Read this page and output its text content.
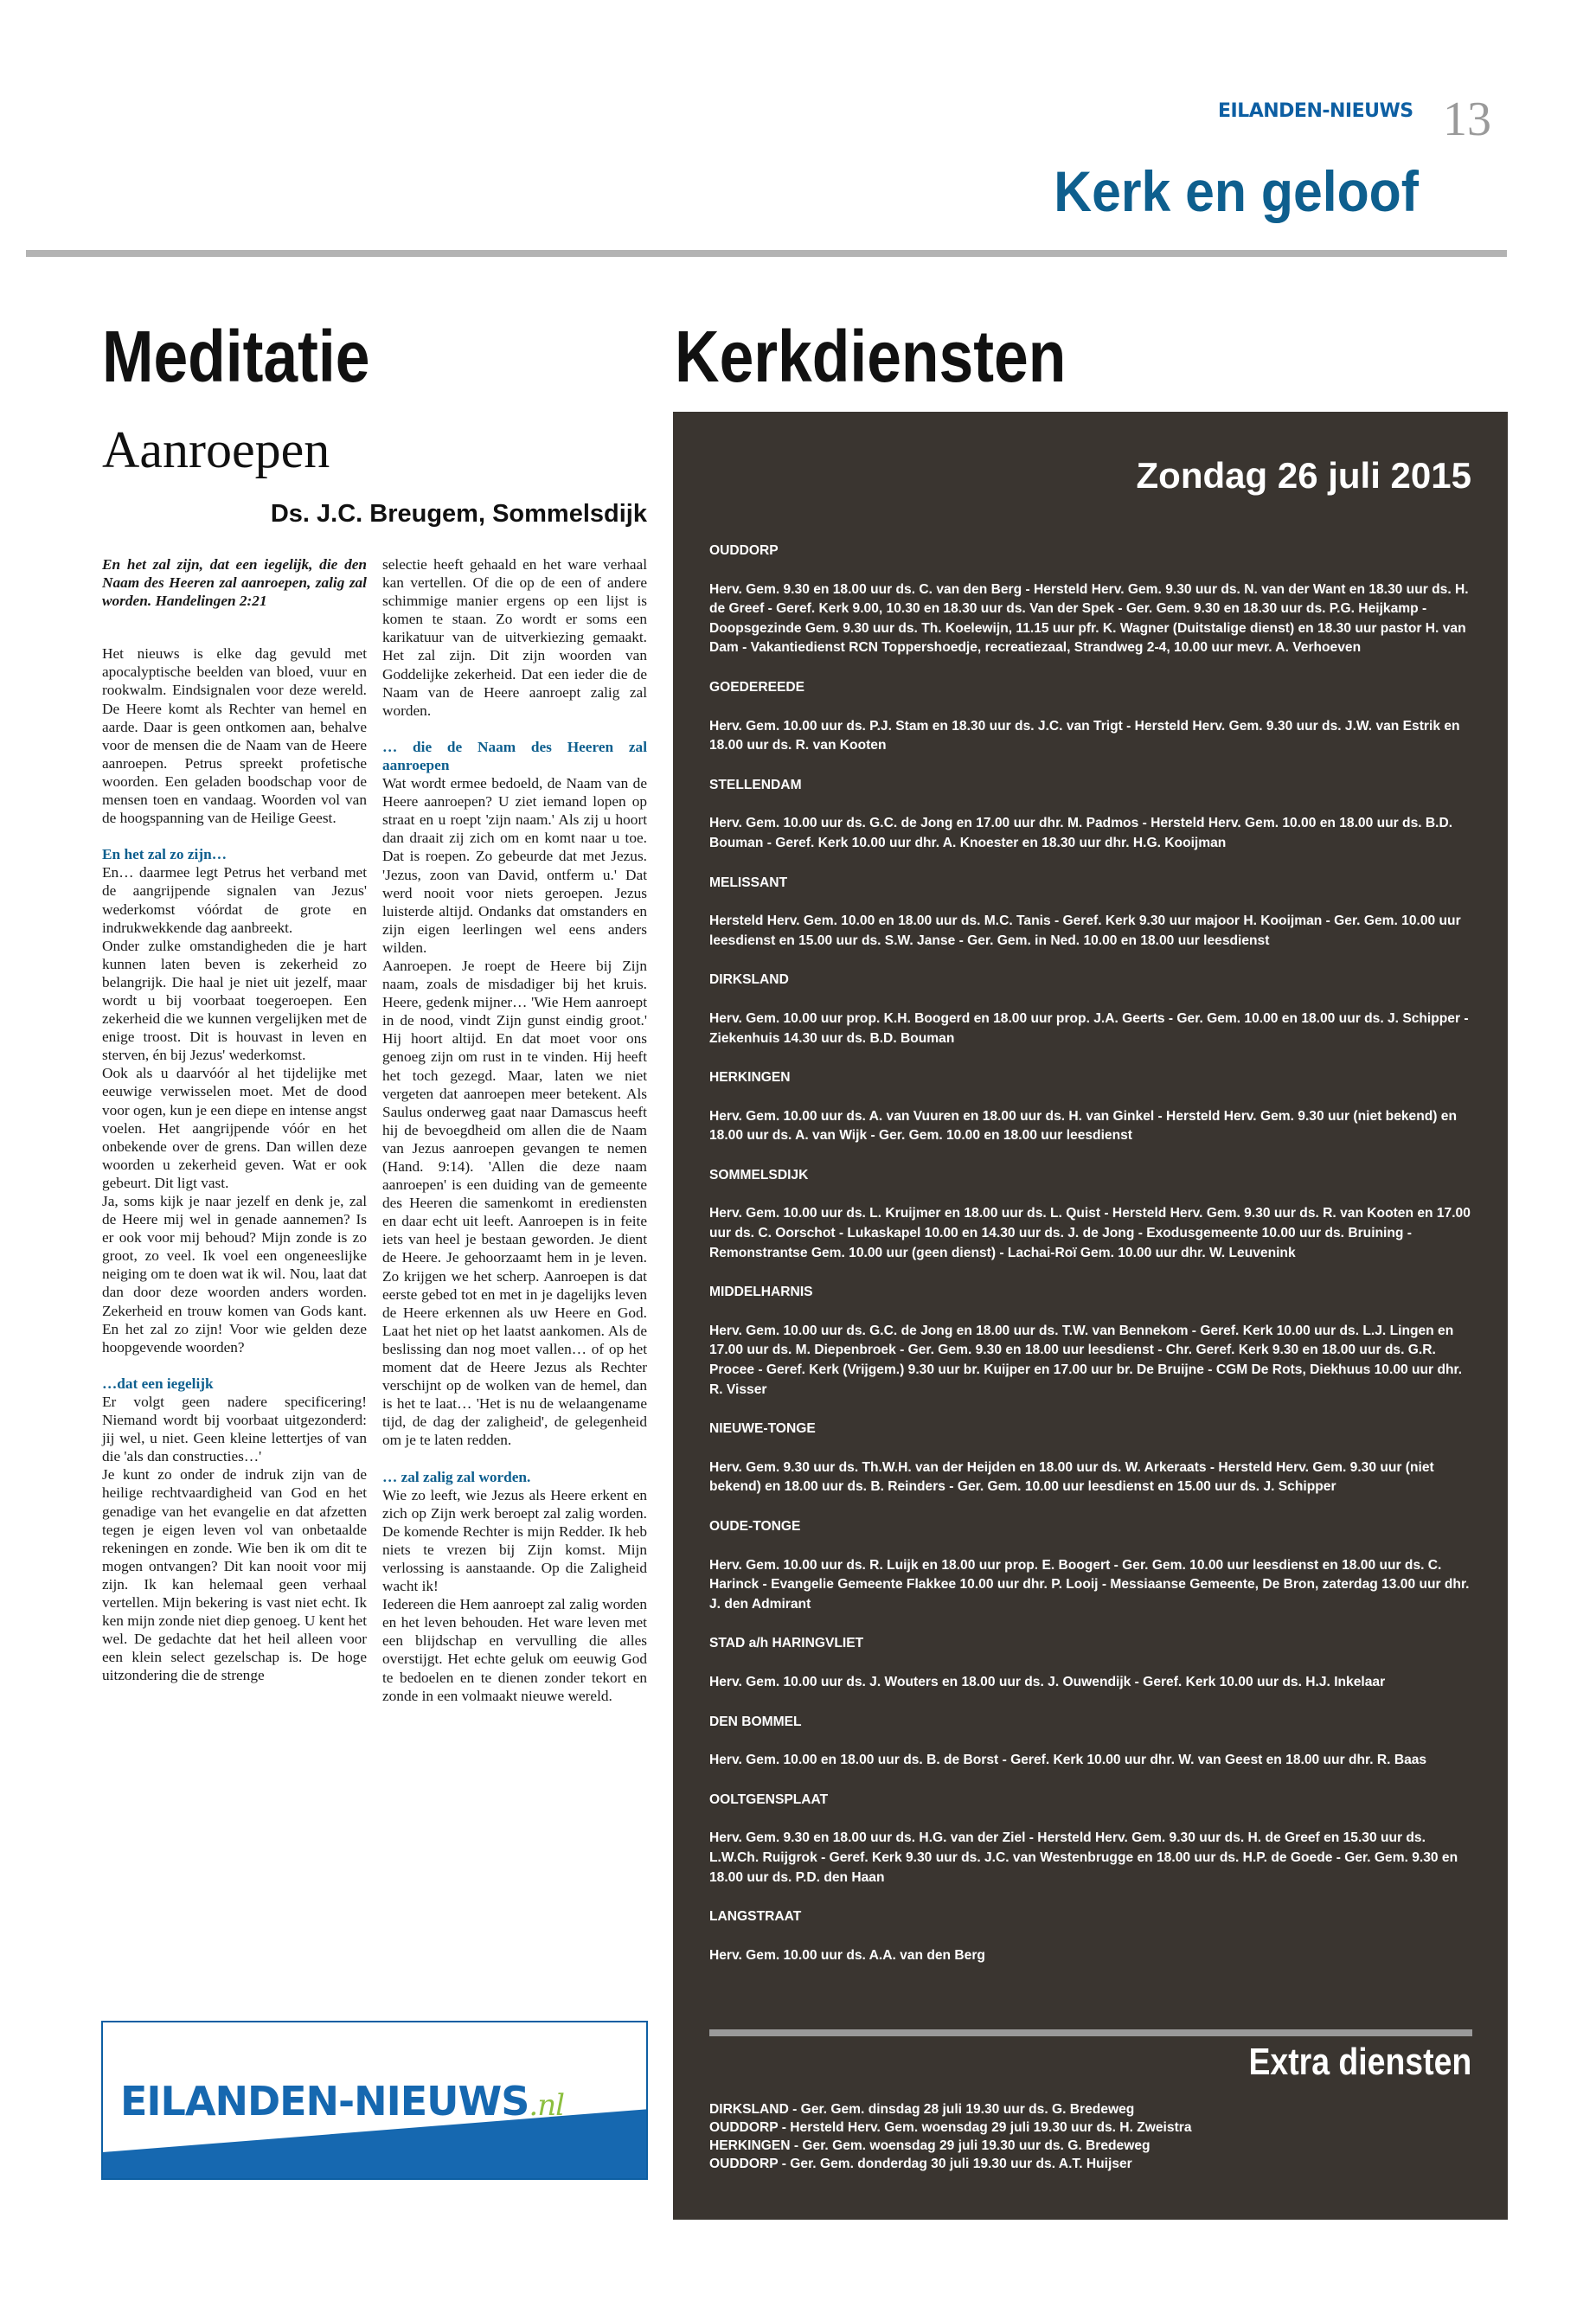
EILANDEN-NIEUWS 13
Kerk en geloof
Meditatie
Aanroepen
Ds. J.C. Breugem, Sommelsdijk

En het zal zijn, dat een iegelijk, die den Naam des Heeren zal aanroepen, zalig zal worden. Handelingen 2:21

Het nieuws is elke dag gevuld met apocalyptische beelden van bloed, vuur en rookwalm. Eindsignalen voor deze wereld. De Heere komt als Rechter van hemel en aarde. Daar is geen ontkomen aan, behalve voor de mensen die de Naam van de Heere aanroepen. Petrus spreekt profetische woorden. Een geladen boodschap voor de mensen toen en vandaag. Woorden vol van de hoogspanning van de Heilige Geest.

En het zal zo zijn…

En… daarmee legt Petrus het verband met de aangrijpende signalen van Jezus' wederkomst vóórdat de grote en indrukwekkende dag aanbreekt.

Onder zulke omstandigheden die je hart kunnen laten beven is zekerheid zo belangrijk. Die haal je niet uit jezelf, maar wordt u bij voorbaat toegeroepen. Een zekerheid die we kunnen vergelijken met de enige troost. Dit is houvast in leven en sterven, én bij Jezus' wederkomst.

Ook als u daarvóór al het tijdelijke met eeuwige verwisselen moet. Met de dood voor ogen, kun je een diepe en intense angst voelen. Het aangrijpende vóór en het onbekende over de grens. Dan willen deze woorden u zekerheid geven. Wat er ook gebeurt. Dit ligt vast.

Ja, soms kijk je naar jezelf en denk je, zal de Heere mij wel in genade aannemen? Is er ook voor mij behoud? Mijn zonde is zo groot, zo veel. Ik voel een ongeneeslijke neiging om te doen wat ik wil. Nou, laat dat dan door deze woorden anders worden. Zekerheid en trouw komen van Gods kant. En het zal zo zijn! Voor wie gelden deze hoopgevende woorden?

…dat een iegelijk

Er volgt geen nadere specificering! Niemand wordt bij voorbaat uitgezonderd: jij wel, u niet. Geen kleine lettertjes of van die 'als dan constructies…'

Je kunt zo onder de indruk zijn van de heilige rechtvaardigheid van God en het genadige van het evangelie en dat afzetten tegen je eigen leven vol van onbetaalde rekeningen en zonde. Wie ben ik om dit te mogen ontvangen? Dit kan nooit voor mij zijn. Ik kan helemaal geen verhaal vertellen. Mijn bekering is vast niet echt. Ik ken mijn zonde niet diep genoeg. U kent het wel. De gedachte dat het heil alleen voor een klein select gezelschap is. De hoge uitzondering die de strenge

selectie heeft gehaald en het ware verhaal kan vertellen. Of die op de een of andere schimmige manier ergens op een lijst is komen te staan. Zo wordt er soms een karikatuur van de uitverkiezing gemaakt. Het zal zijn. Dit zijn woorden van Goddelijke zekerheid. Dat een ieder die de Naam van de Heere aanroept zalig zal worden.

… die de Naam des Heeren zal aanroepen

Wat wordt ermee bedoeld, de Naam van de Heere aanroepen? U ziet iemand lopen op straat en u roept 'zijn naam.' Als zij u hoort dan draait zij zich om en komt naar u toe. Dat is roepen. Zo gebeurde dat met Jezus. 'Jezus, zoon van David, ontferm u.' Dat werd nooit voor niets geroepen. Jezus luisterde altijd. Ondanks dat omstanders en zijn eigen leerlingen wel eens anders wilden.

Aanroepen. Je roept de Heere bij Zijn naam, zoals de misdadiger bij het kruis. Heere, gedenk mijner… 'Wie Hem aanroept in de nood, vindt Zijn gunst eindig groot.' Hij hoort altijd. En dat moet voor ons genoeg zijn om rust in te vinden. Hij heeft het toch gezegd. Maar, laten we niet vergeten dat aanroepen meer betekent. Als Saulus onderweg gaat naar Damascus heeft hij de bevoegdheid om allen die de Naam van Jezus aanroepen gevangen te nemen (Hand. 9:14). 'Allen die deze naam aanroepen' is een duiding van de gemeente des Heeren die samenkomt in erediensten en daar echt uit leeft. Aanroepen is in feite iets van heel je bestaan geworden. Je dient de Heere. Je gehoorzaamt hem in je leven. Zo krijgen we het scherp. Aanroepen is dat eerste gebed tot en met in je dagelijks leven de Heere erkennen als uw Heere en God. Laat het niet op het laatst aankomen. Als de beslissing dan nog moet vallen… of op het moment dat de Heere Jezus als Rechter verschijnt op de wolken van de hemel, dan is het te laat… 'Het is nu de welaangename tijd, de dag der zaligheid', de gelegenheid om je te laten redden.

… zal zalig zal worden.

Wie zo leeft, wie Jezus als Heere erkent en zich op Zijn werk beroept zal zalig worden. De komende Rechter is mijn Redder. Ik heb niets te vrezen bij Zijn komst. Mijn verlossing is aanstaande. Op die Zaligheid wacht ik!

Iedereen die Hem aanroept zal zalig worden en het leven behouden. Het ware leven met een blijdschap en vervulling die alles overstijgt. Het echte geluk om eeuwig God te bedoelen en te dienen zonder tekort en zonde in een volmaakt nieuwe wereld.

EILANDEN-NIEUWS.nl
Kerkdiensten
Zondag 26 juli 2015
OUDDORP
Herv. Gem. 9.30 en 18.00 uur ds. C. van den Berg - Hersteld Herv. Gem. 9.30 uur ds. N. van der Want en 18.30 uur ds. H. de Greef - Geref. Kerk 9.00, 10.30 en 18.30 uur ds. Van der Spek - Ger. Gem. 9.30 en 18.30 uur ds. P.G. Heijkamp - Doopsgezinde Gem. 9.30 uur ds. Th. Koelewijn, 11.15 uur pfr. K. Wagner (Duitstalige dienst) en 18.30 uur pastor H. van Dam - Vakantiedienst RCN Toppershoedje, recreatiezaal, Strandweg 2-4, 10.00 uur mevr. A. Verhoeven
GOEDEREEDE
Herv. Gem. 10.00 uur ds. P.J. Stam en 18.30 uur ds. J.C. van Trigt - Hersteld Herv. Gem. 9.30 uur ds. J.W. van Estrik en 18.00 uur ds. R. van Kooten
STELLENDAM
Herv. Gem. 10.00 uur ds. G.C. de Jong en 17.00 uur dhr. M. Padmos - Hersteld Herv. Gem. 10.00 en 18.00 uur ds. B.D. Bouman - Geref. Kerk 10.00 uur dhr. A. Knoester en 18.30 uur dhr. H.G. Kooijman
MELISSANT
Hersteld Herv. Gem. 10.00 en 18.00 uur ds. M.C. Tanis - Geref. Kerk 9.30 uur majoor H. Kooijman - Ger. Gem. 10.00 uur leesdienst en 15.00 uur ds. S.W. Janse - Ger. Gem. in Ned. 10.00 en 18.00 uur leesdienst
DIRKSLAND
Herv. Gem. 10.00 uur prop. K.H. Boogerd en 18.00 uur prop. J.A. Geerts - Ger. Gem. 10.00 en 18.00 uur ds. J. Schipper - Ziekenhuis 14.30 uur ds. B.D. Bouman
HERKINGEN
Herv. Gem. 10.00 uur ds. A. van Vuuren en 18.00 uur ds. H. van Ginkel - Hersteld Herv. Gem. 9.30 uur (niet bekend) en 18.00 uur ds. A. van Wijk - Ger. Gem. 10.00 en 18.00 uur leesdienst
SOMMELSDIJK
Herv. Gem. 10.00 uur ds. L. Kruijmer en 18.00 uur ds. L. Quist - Hersteld Herv. Gem. 9.30 uur ds. R. van Kooten en 17.00 uur ds. C. Oorschot - Lukaskapel 10.00 en 14.30 uur ds. J. de Jong - Exodusgemeente 10.00 uur ds. Bruining - Remonstrantse Gem. 10.00 uur (geen dienst) - Lachai-Roï Gem. 10.00 uur dhr. W. Leuvenink
MIDDELHARNIS
Herv. Gem. 10.00 uur ds. G.C. de Jong en 18.00 uur ds. T.W. van Bennekom - Geref. Kerk 10.00 uur ds. L.J. Lingen en 17.00 uur ds. M. Diepenbroek - Ger. Gem. 9.30 en 18.00 uur leesdienst - Chr. Geref. Kerk 9.30 en 18.00 uur ds. G.R. Procee - Geref. Kerk (Vrijgem.) 9.30 uur br. Kuijper en 17.00 uur br. De Bruijne - CGM De Rots, Diekhuus 10.00 uur dhr. R. Visser
NIEUWE-TONGE
Herv. Gem. 9.30 uur ds. Th.W.H. van der Heijden en 18.00 uur ds. W. Arkeraats - Hersteld Herv. Gem. 9.30 uur (niet bekend) en 18.00 uur ds. B. Reinders - Ger. Gem. 10.00 uur leesdienst en 15.00 uur ds. J. Schipper
OUDE-TONGE
Herv. Gem. 10.00 uur ds. R. Luijk en 18.00 uur prop. E. Boogert - Ger. Gem. 10.00 uur leesdienst en 18.00 uur ds. C. Harinck - Evangelie Gemeente Flakkee 10.00 uur dhr. P. Looij - Messiaanse Gemeente, De Bron, zaterdag 13.00 uur dhr. J. den Admirant
STAD a/h HARINGVLIET
Herv. Gem. 10.00 uur ds. J. Wouters en 18.00 uur ds. J. Ouwendijk - Geref. Kerk 10.00 uur ds. H.J. Inkelaar
DEN BOMMEL
Herv. Gem. 10.00 en 18.00 uur ds. B. de Borst - Geref. Kerk 10.00 uur dhr. W. van Geest en 18.00 uur dhr. R. Baas
OOLTGENSPLAAT
Herv. Gem. 9.30 en 18.00 uur ds. H.G. van der Ziel - Hersteld Herv. Gem. 9.30 uur ds. H. de Greef en 15.30 uur ds. L.W.Ch. Ruijgrok - Geref. Kerk 9.30 uur ds. J.C. van Westenbrugge en 18.00 uur ds. H.P. de Goede - Ger. Gem. 9.30 en 18.00 uur ds. P.D. den Haan
LANGSTRAAT
Herv. Gem. 10.00 uur ds. A.A. van den Berg
Extra diensten
DIRKSLAND - Ger. Gem. dinsdag 28 juli 19.30 uur ds. G. Bredeweg
OUDDORP - Hersteld Herv. Gem. woensdag 29 juli 19.30 uur ds. H. Zweistra
HERKINGEN - Ger. Gem. woensdag 29 juli 19.30 uur ds. G. Bredeweg
OUDDORP - Ger. Gem. donderdag 30 juli 19.30 uur ds. A.T. Huijser
